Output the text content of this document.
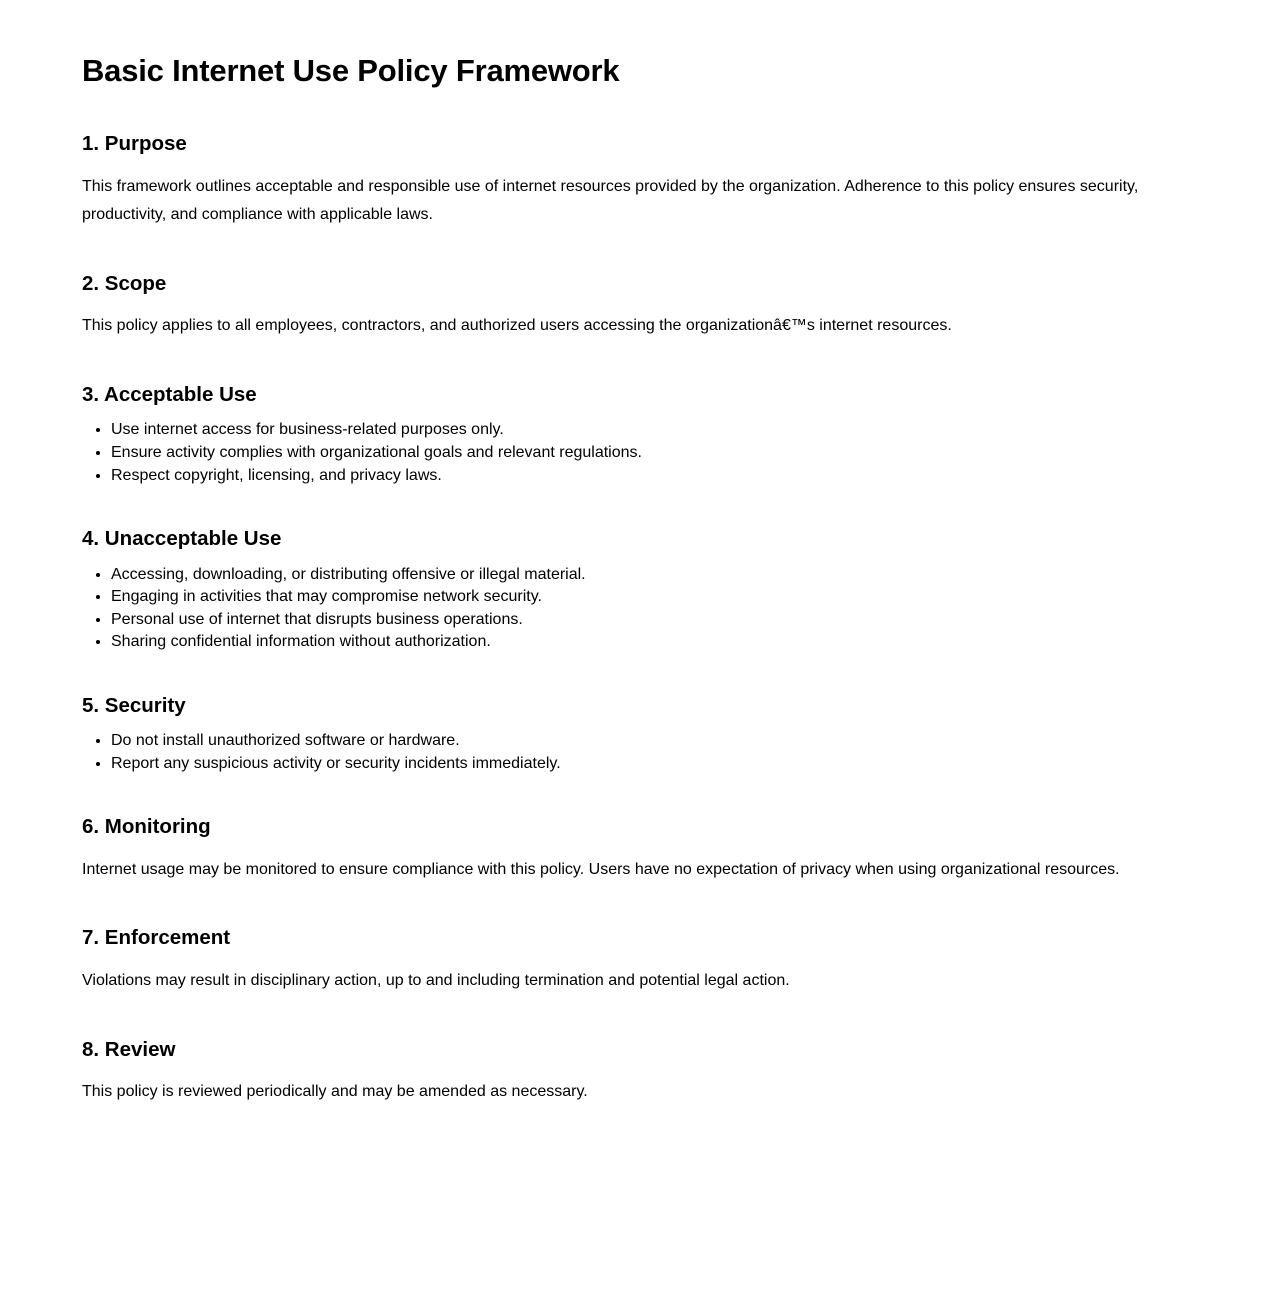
Basic Internet Use Policy Framework
1. Purpose

This framework outlines acceptable and responsible use of internet resources provided by the organization. Adherence to this policy ensures security, productivity, and compliance with applicable laws.

2. Scope

This policy applies to all employees, contractors, and authorized users accessing the organizationâ€™s internet resources.

3. Acceptable Use
• Use internet access for business-related purposes only.
• Ensure activity complies with organizational goals and relevant regulations.
• Respect copyright, licensing, and privacy laws.
4. Unacceptable Use
• Accessing, downloading, or distributing offensive or illegal material.
• Engaging in activities that may compromise network security.
• Personal use of internet that disrupts business operations.
• Sharing confidential information without authorization.
5. Security
• Do not install unauthorized software or hardware.
• Report any suspicious activity or security incidents immediately.
6. Monitoring

Internet usage may be monitored to ensure compliance with this policy. Users have no expectation of privacy when using organizational resources.

7. Enforcement

Violations may result in disciplinary action, up to and including termination and potential legal action.

8. Review

This policy is reviewed periodically and may be amended as necessary.
